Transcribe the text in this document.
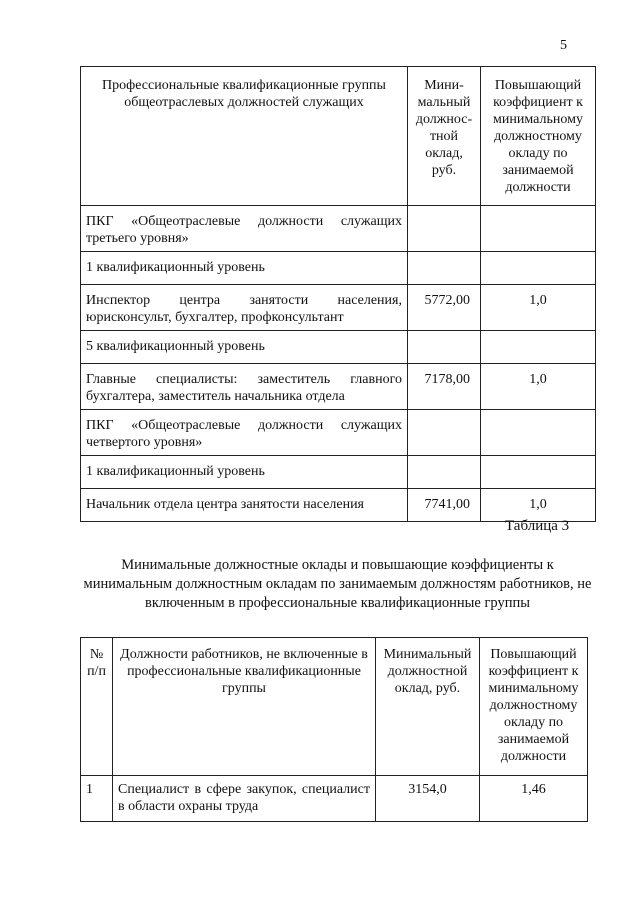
5
Профессиональные квалификационные группы общеотраслевых должностей служащих	Мини-мальный должнос-тной оклад, руб.	Повышающий коэффициент к минимальному должностному окладу по занимаемой должности
ПКГ «Общеотраслевые должности служащих третьего уровня»		
1 квалификационный уровень		
Инспектор центра занятости населения, юрисконсульт, бухгалтер, профконсультант	5772,00	1,0
5 квалификационный уровень		
Главные специалисты: заместитель главного бухгалтера, заместитель начальника отдела	7178,00	1,0
ПКГ «Общеотраслевые должности служащих четвертого уровня»		
1 квалификационный уровень		
Начальник отдела центра занятости населения	7741,00	1,0
Таблица 3
Минимальные должностные оклады и повышающие коэффициенты к минимальным должностным окладам по занимаемым должностям работников, не включенным в профессиональные квалификационные группы
№ п/п	Должности работников, не включенные в профессиональные квалификационные группы	Минимальный должностной оклад, руб.	Повышающий коэффициент к минимальному должностному окладу по занимаемой должности
1	Специалист в сфере закупок, специалист в области охраны труда	3154,0	1,46
